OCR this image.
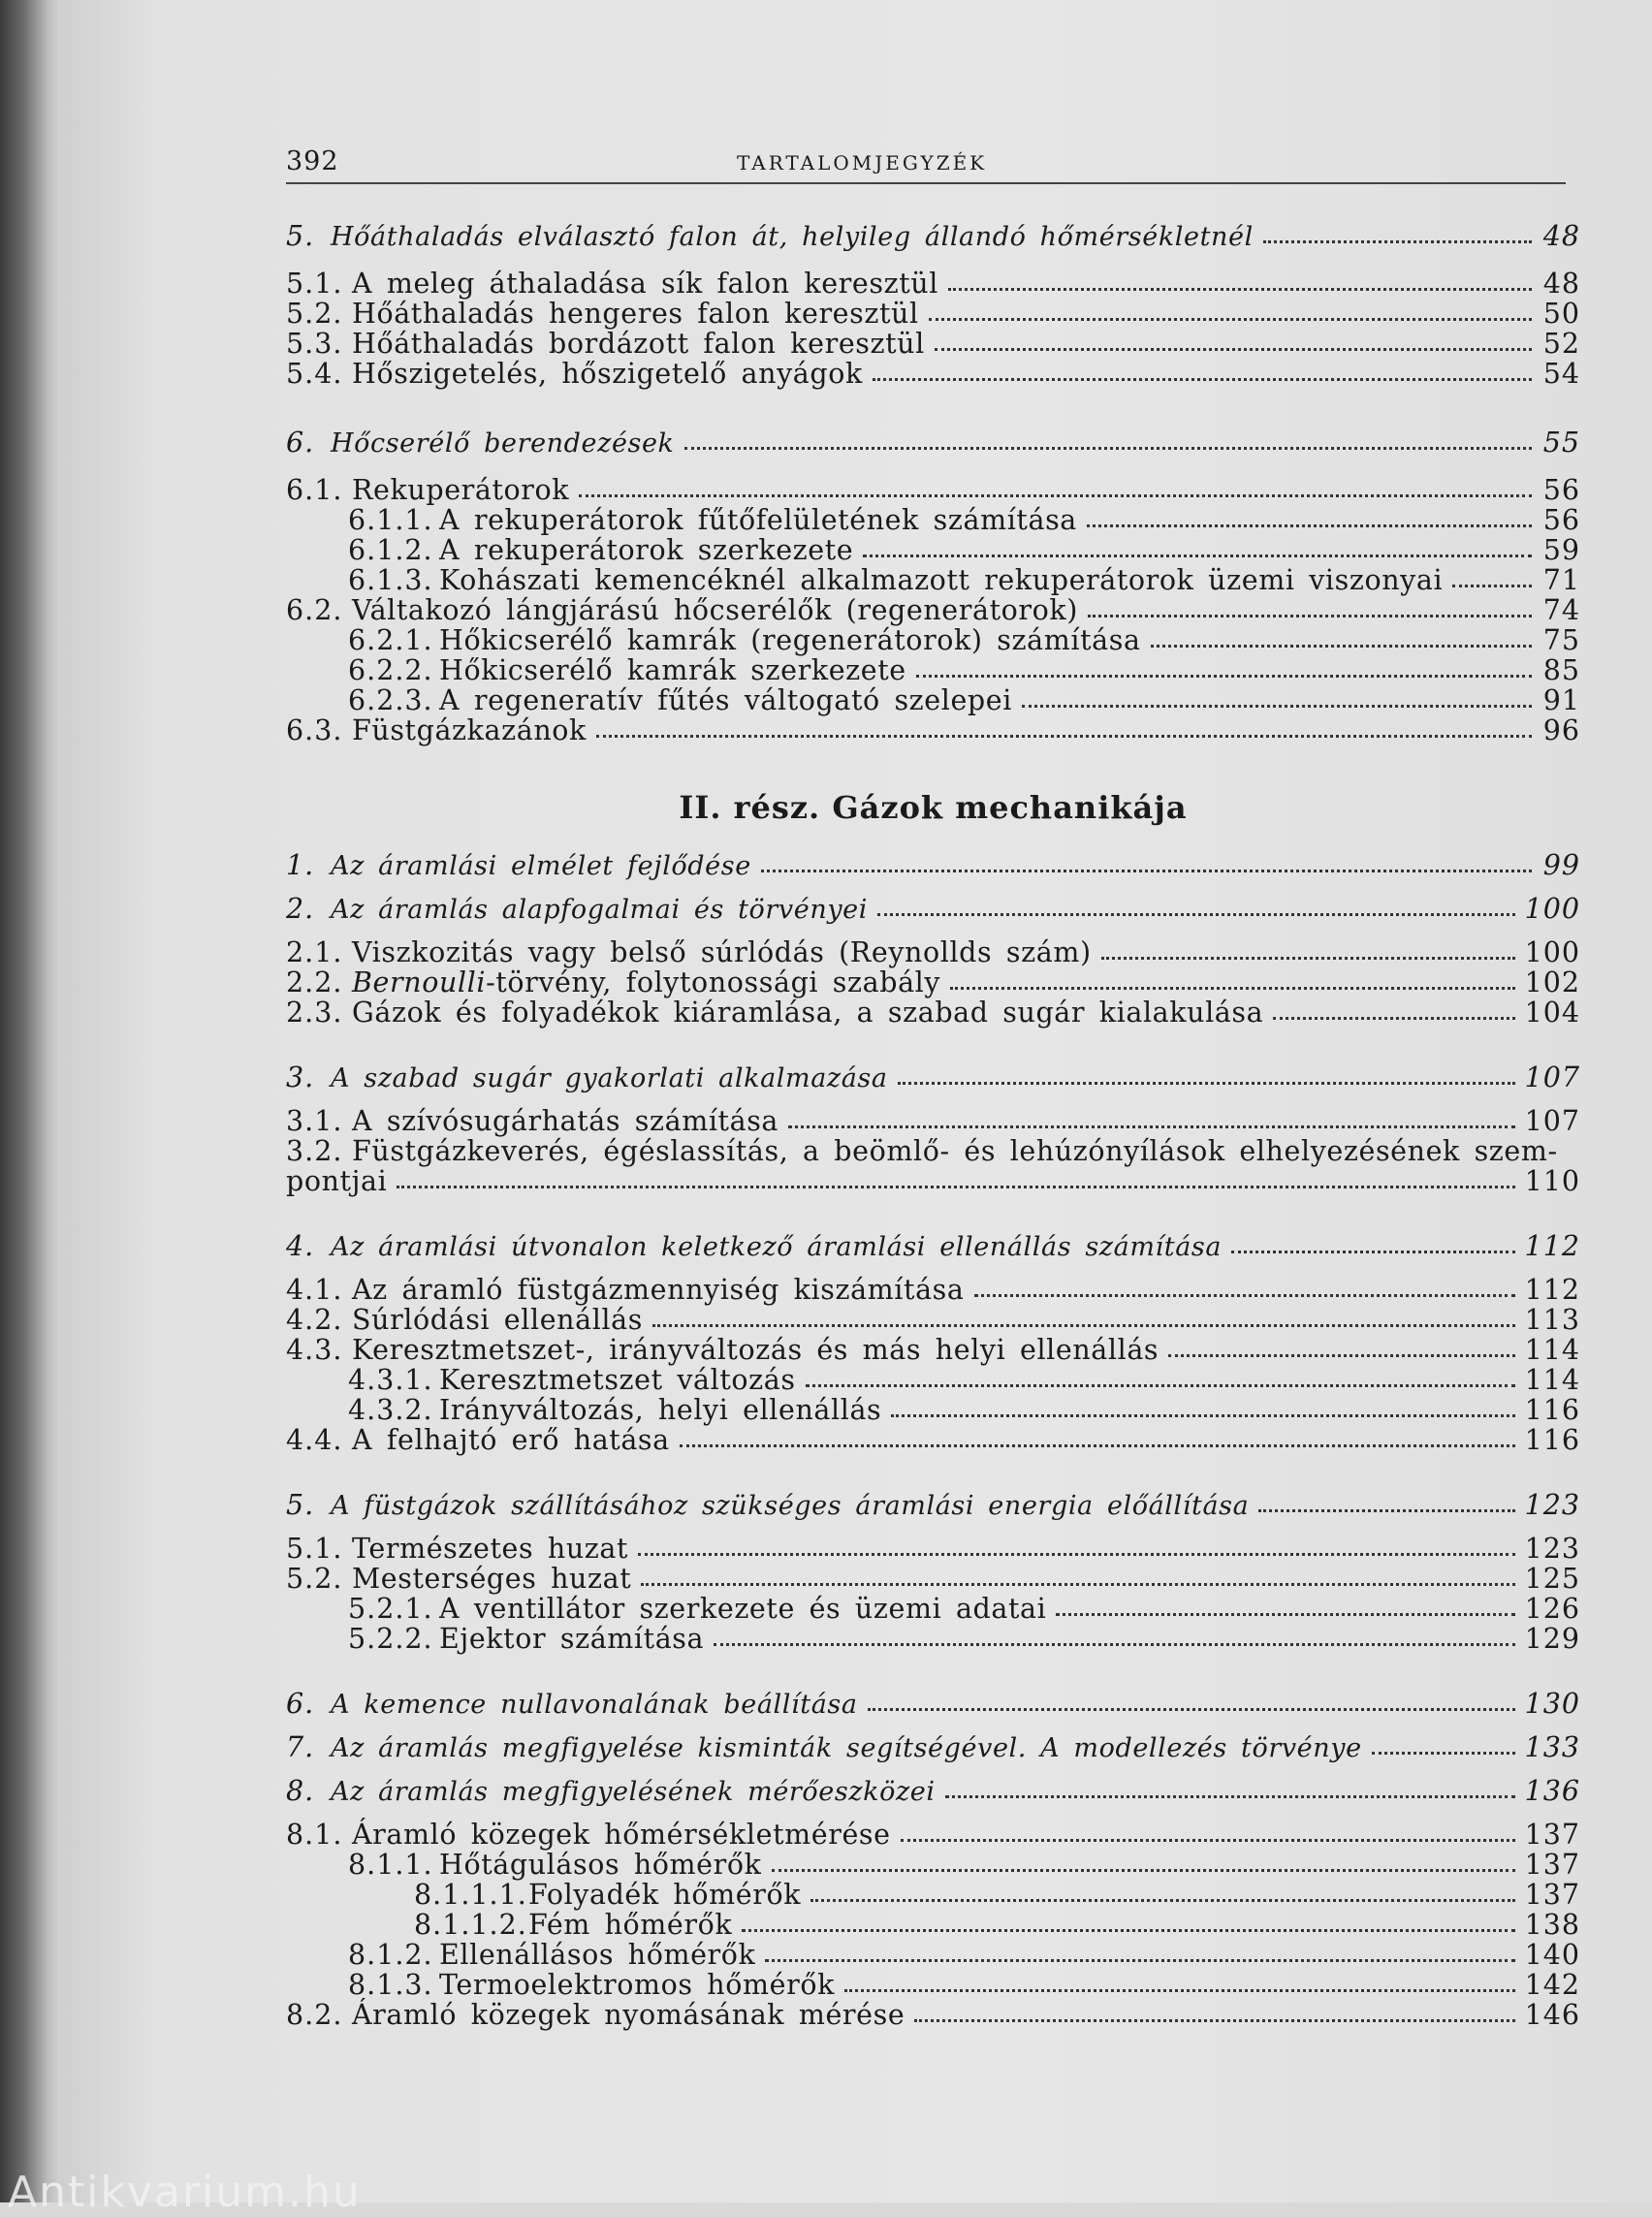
392	TARTALOMJEGYZÉK
5. Hőáthaladás elválasztó falon át, helyileg állandó hőmérsékletnél	48
5.1. A meleg áthaladása sík falon keresztül	48
5.2. Hőáthaladás hengeres falon keresztül	50
5.3. Hőáthaladás bordázott falon keresztül	52
5.4. Hőszigetelés, hőszigetelő anyágok	54
6. Hőcserélő berendezések	55
6.1. Rekuperátorok	56
6.1.1. A rekuperátorok fűtőfelületének számítása	56
6.1.2. A rekuperátorok szerkezete	59
6.1.3. Kohászati kemencéknél alkalmazott rekuperátorok üzemi viszonyai	71
6.2. Váltakozó lángjárású hőcserélők (regenerátorok)	74
6.2.1. Hőkicserélő kamrák (regenerátorok) számítása	75
6.2.2. Hőkicserélő kamrák szerkezete	85
6.2.3. A regeneratív fűtés váltogató szelepei	91
6.3. Füstgázkazánok	96
II. rész. Gázok mechanikája
1. Az áramlási elmélet fejlődése	99
2. Az áramlás alapfogalmai és törvényei	100
2.1. Viszkozitás vagy belső súrlódás (Reynollds szám)	100
2.2. Bernoulli-törvény, folytonossági szabály	102
2.3. Gázok és folyadékok kiáramlása, a szabad sugár kialakulása	104
3. A szabad sugár gyakorlati alkalmazása	107
3.1. A szívósugárhatás számítása	107
3.2. Füstgázkeverés, égéslassítás, a beömlő- és lehúzónyílások elhelyezésének szem-
pontjai	110
4. Az áramlási útvonalon keletkező áramlási ellenállás számítása	112
4.1. Az áramló füstgázmennyiség kiszámítása	112
4.2. Súrlódási ellenállás	113
4.3. Keresztmetszet-, irányváltozás és más helyi ellenállás	114
4.3.1. Keresztmetszet változás	114
4.3.2. Irányváltozás, helyi ellenállás	116
4.4. A felhajtó erő hatása	116
5. A füstgázok szállításához szükséges áramlási energia előállítása	123
5.1. Természetes huzat	123
5.2. Mesterséges huzat	125
5.2.1. A ventillátor szerkezete és üzemi adatai	126
5.2.2. Ejektor számítása	129
6. A kemence nullavonalának beállítása	130
7. Az áramlás megfigyelése kisminták segítségével. A modellezés törvénye	133
8. Az áramlás megfigyelésének mérőeszközei	136
8.1. Áramló közegek hőmérsékletmérése	137
8.1.1. Hőtágulásos hőmérők	137
8.1.1.1. Folyadék hőmérők	137
8.1.1.2. Fém hőmérők	138
8.1.2. Ellenállásos hőmérők	140
8.1.3. Termoelektromos hőmérők	142
8.2. Áramló közegek nyomásának mérése	146
Antikvarium.hu
